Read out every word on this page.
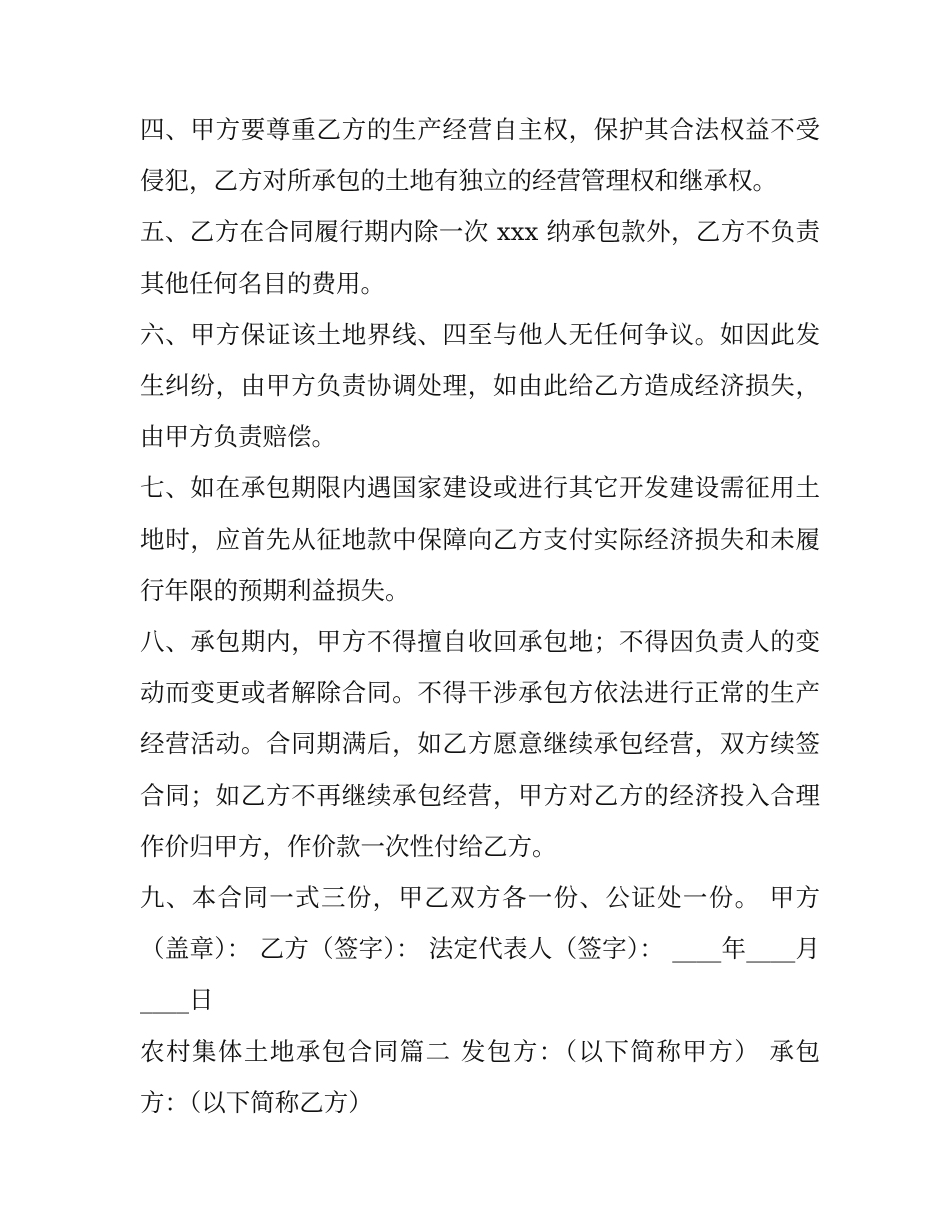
四、甲方要尊重乙方的生产经营自主权，保护其合法权益不受侵犯，乙方对所承包的土地有独立的经营管理权和继承权。

五、乙方在合同履行期内除一次 xxx 纳承包款外，乙方不负责其他任何名目的费用。

六、甲方保证该土地界线、四至与他人无任何争议。如因此发生纠纷，由甲方负责协调处理，如由此给乙方造成经济损失，由甲方负责赔偿。

七、如在承包期限内遇国家建设或进行其它开发建设需征用土地时，应首先从征地款中保障向乙方支付实际经济损失和未履行年限的预期利益损失。

八、承包期内，甲方不得擅自收回承包地；不得因负责人的变动而变更或者解除合同。不得干涉承包方依法进行正常的生产经营活动。合同期满后，如乙方愿意继续承包经营，双方续签合同；如乙方不再继续承包经营，甲方对乙方的经济投入合理作价归甲方，作价款一次性付给乙方。

九、本合同一式三份，甲乙双方各一份、公证处一份。 甲方（盖章）： 乙方（签字）： 法定代表人（签字）： ____年____月____日

农村集体土地承包合同篇二 发包方：（以下简称甲方） 承包方：（以下简称乙方）
